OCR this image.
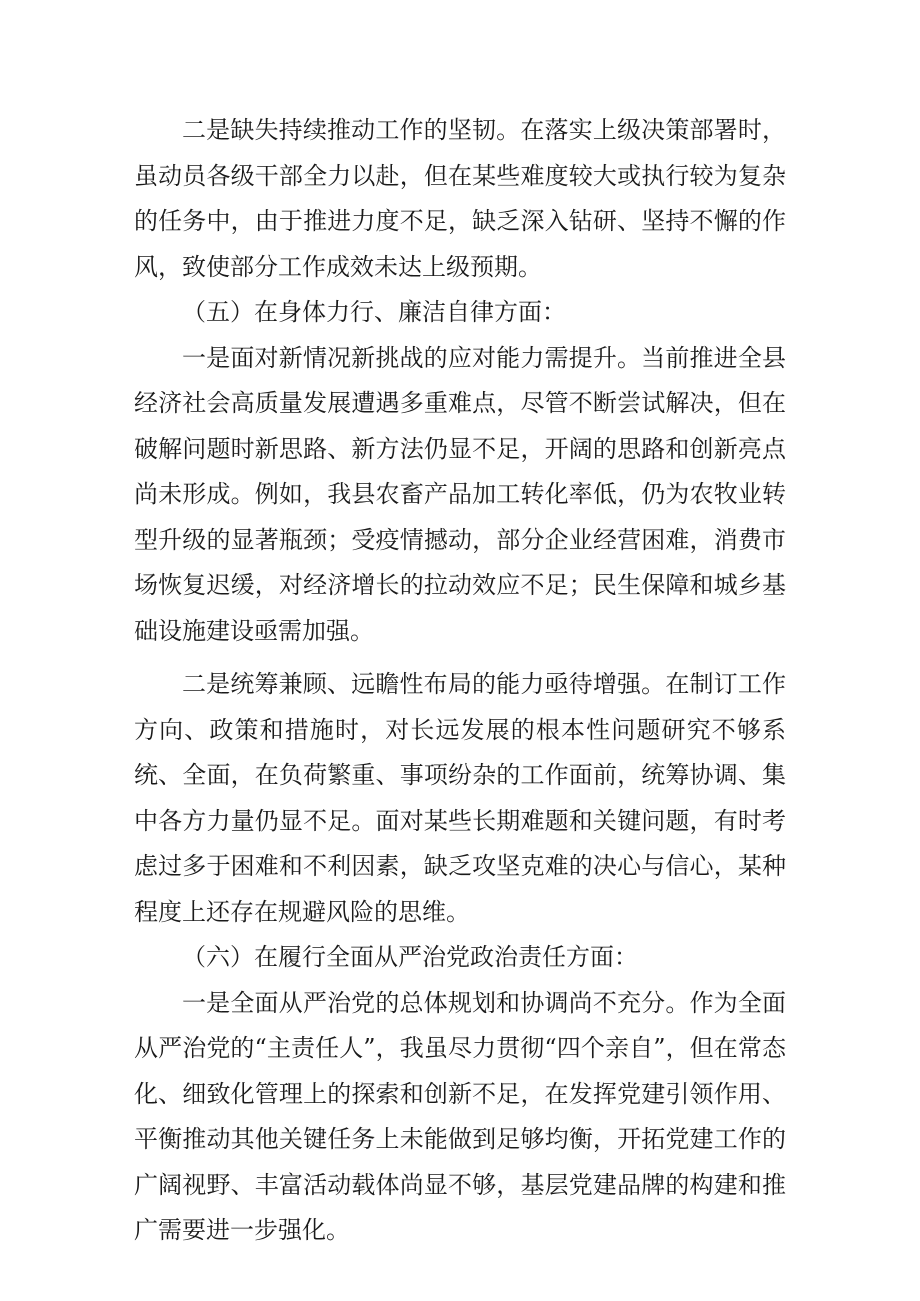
二是缺失持续推动工作的坚韧。在落实上级决策部署时，虽动员各级干部全力以赴，但在某些难度较大或执行较为复杂的任务中，由于推进力度不足，缺乏深入钻研、坚持不懈的作风，致使部分工作成效未达上级预期。

（五）在身体力行、廉洁自律方面：

一是面对新情况新挑战的应对能力需提升。当前推进全县经济社会高质量发展遭遇多重难点，尽管不断尝试解决，但在破解问题时新思路、新方法仍显不足，开阔的思路和创新亮点尚未形成。例如，我县农畜产品加工转化率低，仍为农牧业转型升级的显著瓶颈；受疫情撼动，部分企业经营困难，消费市场恢复迟缓，对经济增长的拉动效应不足；民生保障和城乡基础设施建设亟需加强。

二是统筹兼顾、远瞻性布局的能力亟待增强。在制订工作方向、政策和措施时，对长远发展的根本性问题研究不够系统、全面，在负荷繁重、事项纷杂的工作面前，统筹协调、集中各方力量仍显不足。面对某些长期难题和关键问题，有时考虑过多于困难和不利因素，缺乏攻坚克难的决心与信心，某种程度上还存在规避风险的思维。

（六）在履行全面从严治党政治责任方面：

一是全面从严治党的总体规划和协调尚不充分。作为全面从严治党的“主责任人”，我虽尽力贯彻“四个亲自”，但在常态化、细致化管理上的探索和创新不足，在发挥党建引领作用、平衡推动其他关键任务上未能做到足够均衡，开拓党建工作的广阔视野、丰富活动载体尚显不够，基层党建品牌的构建和推广需要进一步强化。
